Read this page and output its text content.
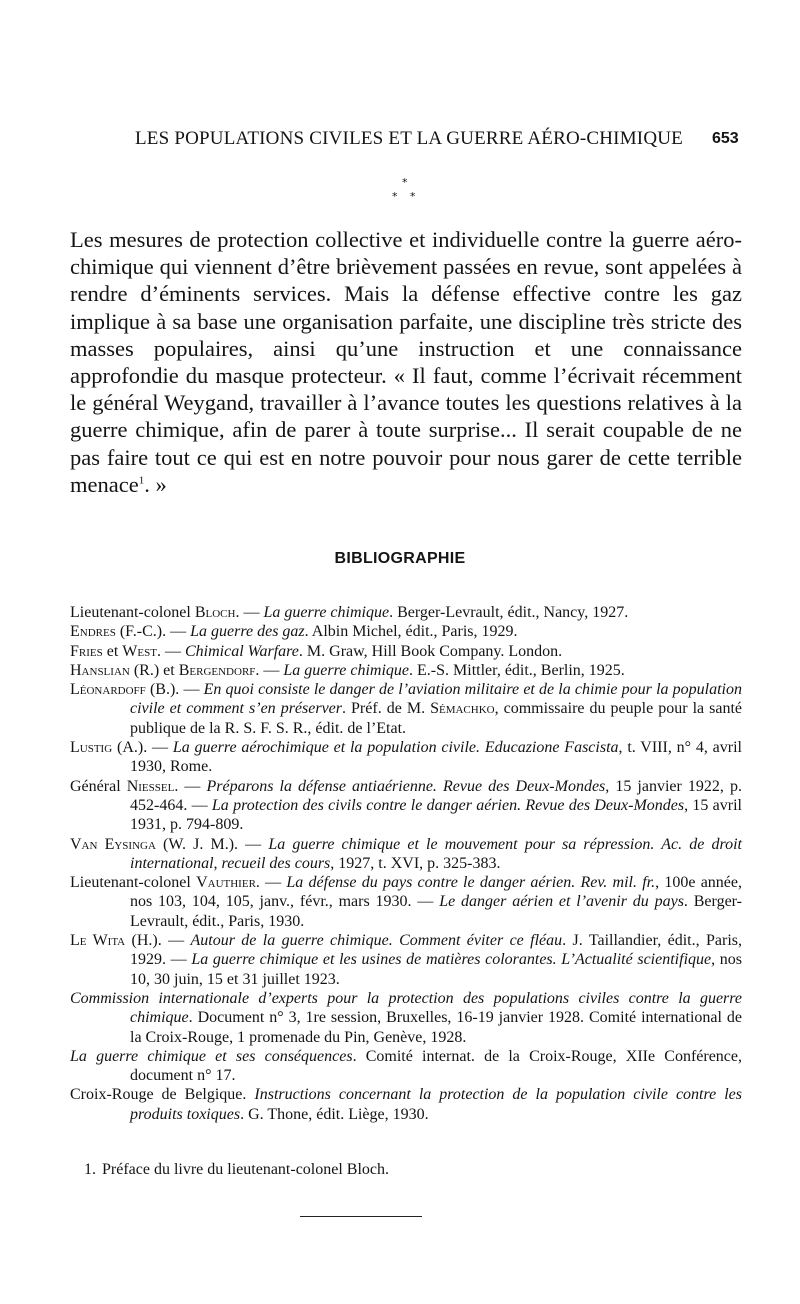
LES POPULATIONS CIVILES ET LA GUERRE AÉRO-CHIMIQUE	653
*
* *

Les mesures de protection collective et individuelle contre la guerre aéro-chimique qui viennent d’être brièvement passées en revue, sont appelées à rendre d’éminents services. Mais la défense effective contre les gaz implique à sa base une organisation parfaite, une discipline très stricte des masses populaires, ainsi qu’une instruction et une connaissance approfondie du masque protecteur. « Il faut, comme l’écrivait récemment le général Weygand, travailler à l’avance toutes les questions relatives à la guerre chimique, afin de parer à toute surprise... Il serait coupable de ne pas faire tout ce qui est en notre pouvoir pour nous garer de cette terrible menace$^1$. »

BIBLIOGRAPHIE
Lieutenant-colonel Bloch. — La guerre chimique. Berger-Levrault, édit., Nancy, 1927.
Endres (F.-C.). — La guerre des gaz. Albin Michel, édit., Paris, 1929.
Fries et West. — Chimical Warfare. M. Graw, Hill Book Company. London.
Hanslian (R.) et Bergendorf. — La guerre chimique. E.-S. Mittler, édit., Berlin, 1925.
Léonardoff (B.). — En quoi consiste le danger de l’aviation militaire et de la chimie pour la population civile et comment s’en préserver. Préf. de M. Sémachko, commissaire du peuple pour la santé publique de la R. S. F. S. R., édit. de l’Etat.
Lustig (A.). — La guerre aérochimique et la population civile. Educazione Fascista, t. VIII, n° 4, avril 1930, Rome.
Général Niessel. — Préparons la défense antiaérienne. Revue des Deux-Mondes, 15 janvier 1922, p. 452-464. — La protection des civils contre le danger aérien. Revue des Deux-Mondes, 15 avril 1931, p. 794-809.
Van Eysinga (W. J. M.). — La guerre chimique et le mouvement pour sa répression. Ac. de droit international, recueil des cours, 1927, t. XVI, p. 325-383.
Lieutenant-colonel Vauthier. — La défense du pays contre le danger aérien. Rev. mil. fr., 100e année, nos 103, 104, 105, janv., févr., mars 1930. — Le danger aérien et l’avenir du pays. Berger-Levrault, édit., Paris, 1930.
Le Wita (H.). — Autour de la guerre chimique. Comment éviter ce fléau. J. Taillandier, édit., Paris, 1929. — La guerre chimique et les usines de matières colorantes. L’Actualité scientifique, nos 10, 30 juin, 15 et 31 juillet 1923.
Commission internationale d’experts pour la protection des populations civiles contre la guerre chimique. Document n° 3, 1re session, Bruxelles, 16-19 janvier 1928. Comité international de la Croix-Rouge, 1 promenade du Pin, Genève, 1928.
La guerre chimique et ses conséquences. Comité internat. de la Croix-Rouge, XIIe Conférence, document n° 17.
Croix-Rouge de Belgique. Instructions concernant la protection de la population civile contre les produits toxiques. G. Thone, édit. Liège, 1930.
1. Préface du livre du lieutenant-colonel Bloch.
